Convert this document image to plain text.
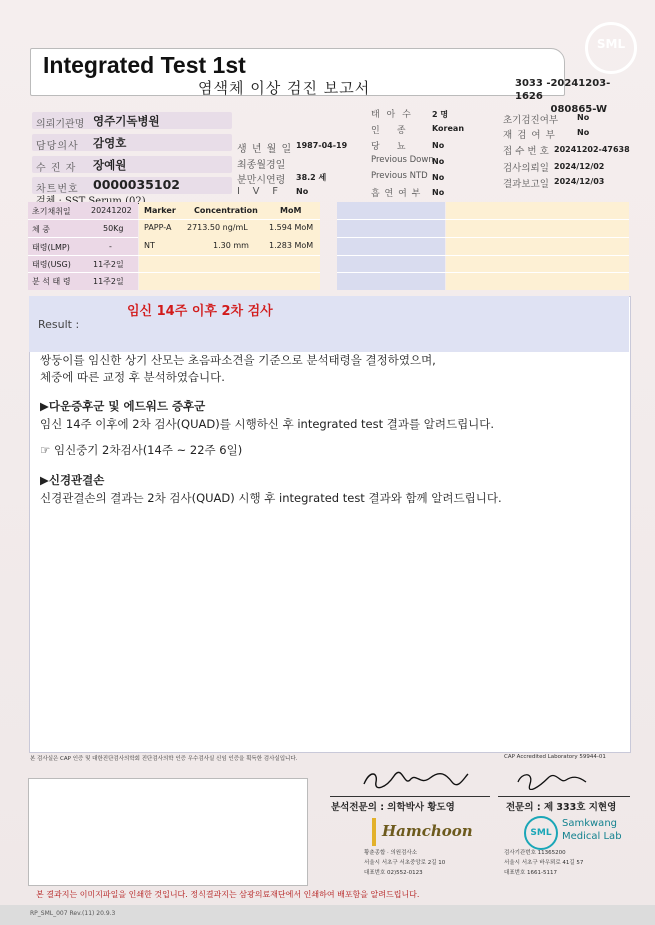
SML
Integrated Test 1st
염색체 이상 검진 보고서	3033 -20241203-1626
080865-W
의뢰기관명 영주기독병원
담당의사 감영호
수 진 자 장예원
차트번호 0000035102
생 년 월 일 1987-04-19
최종월경일
분만시연령 38.2 세
I    V    F No
태 아 수 2 명
인      종	Korean
당      뇨	No
Previous Down
No
Previous NTD No
흡 연 여 부 No
초기검진여부 No
재 검 여 부	No
접 수 번 호 20241202-47638
검사의뢰일 2024/12/02
결과보고일 2024/12/03
초기채취일	20241202
체 중	50Kg
태령(LMP)	-
태령(USG)	11주2일
분 석 태 령	11주2일
Marker Concentration	MoM
PAPP-A 2713.50 ng/mL	1.594 MoM
NT	1.30 mm	1.283 MoM
Result :
임신 14주 이후 2차 검사
쌍둥이를 임신한 상기 산모는 초음파소견을 기준으로 분석태령을 결정하였으며,
체중에 따른 교정 후 분석하였습니다.
▶다운증후군 및 에드워드 증후군
임신 14주 이후에 2차 검사(QUAD)를 시행하신 후 integrated test 결과를 알려드립니다.
☞ 임신중기 2차검사(14주 ~ 22주 6일)
▶신경관결손
신경관결손의 결과는 2차 검사(QUAD) 시행 후 integrated test 결과와 함께 알려드립니다.
본 검사실은 CAP 인증 및 대한진단검사의학회 진단검사의학 인증 우수검사실 신임 인증을 획득한 검사실입니다.	CAP Accredited Laboratory 59944-01
분석전문의 : 의학박사 황도영	전문의 : 제 333호 지현영
Hamchoon
황춘종합 · 의원검사소
서울시 서초구 서초중앙로 2길 10
대표번호 02)552-0123
SML
Samkwang
Medical Lab
검사기관번호 11365200
서울시 서초구 바우뫼로 41길 57
대표번호 1661-5117
본 결과지는 이미지파일을 인쇄한 것입니다. 정식결과지는 삼광의료재단에서 인쇄하여 배포함을 알려드립니다.
RP_SML_007 Rev.(11) 20.9.3
